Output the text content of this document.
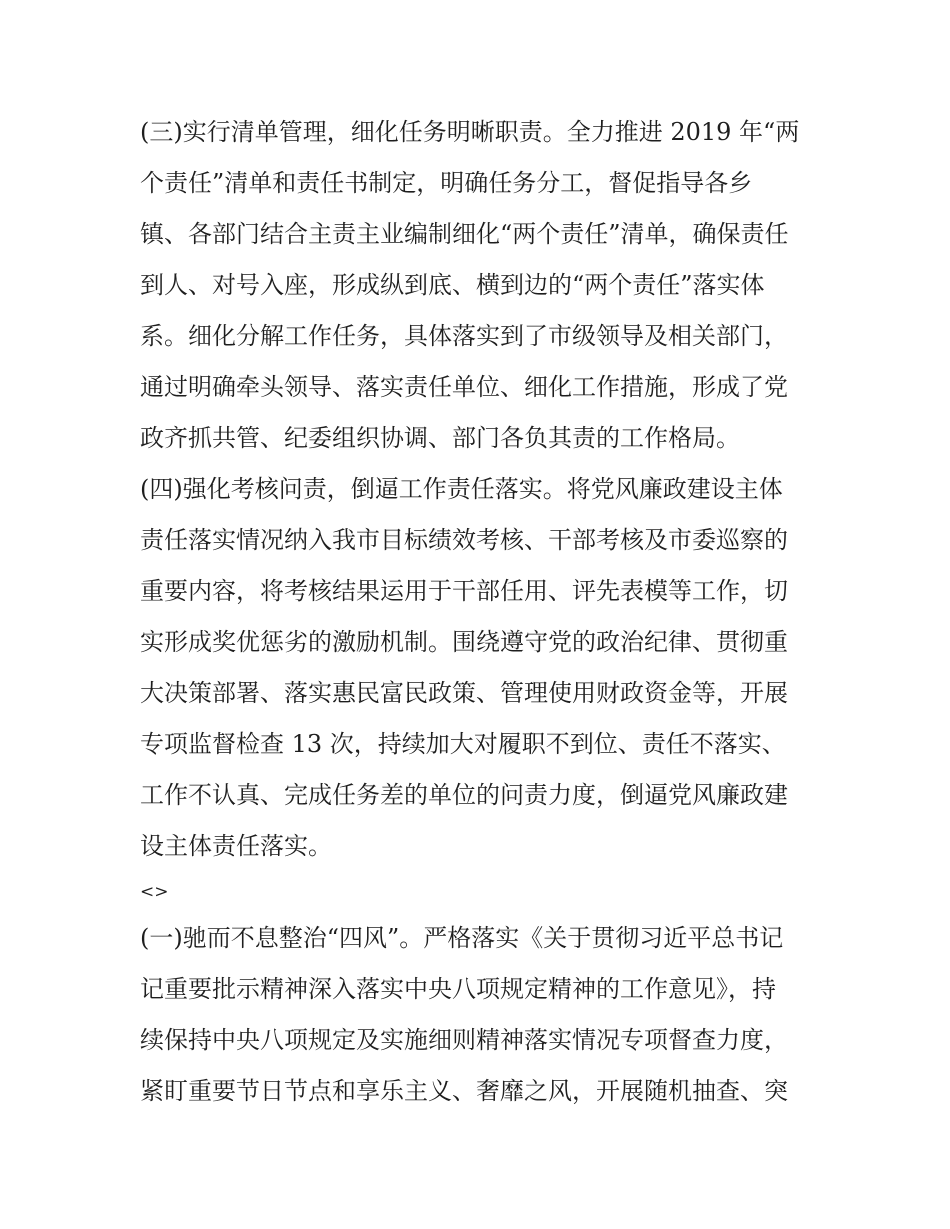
(三)实行清单管理，细化任务明晰职责。全力推进 2019 年“两
个责任”清单和责任书制定，明确任务分工，督促指导各乡
镇、各部门结合主责主业编制细化“两个责任”清单，确保责任
到人、对号入座，形成纵到底、横到边的“两个责任”落实体
系。细化分解工作任务，具体落实到了市级领导及相关部门，
通过明确牵头领导、落实责任单位、细化工作措施，形成了党
政齐抓共管、纪委组织协调、部门各负其责的工作格局。
(四)强化考核问责，倒逼工作责任落实。将党风廉政建设主体
责任落实情况纳入我市目标绩效考核、干部考核及市委巡察的
重要内容，将考核结果运用于干部任用、评先表模等工作，切
实形成奖优惩劣的激励机制。围绕遵守党的政治纪律、贯彻重
大决策部署、落实惠民富民政策、管理使用财政资金等，开展
专项监督检查 13 次，持续加大对履职不到位、责任不落实、
工作不认真、完成任务差的单位的问责力度，倒逼党风廉政建
设主体责任落实。
<>
(一)驰而不息整治“四风”。严格落实《关于贯彻习近平总书记
记重要批示精神深入落实中央八项规定精神的工作意见》，持
续保持中央八项规定及实施细则精神落实情况专项督查力度，
紧盯重要节日节点和享乐主义、奢靡之风，开展随机抽查、突
